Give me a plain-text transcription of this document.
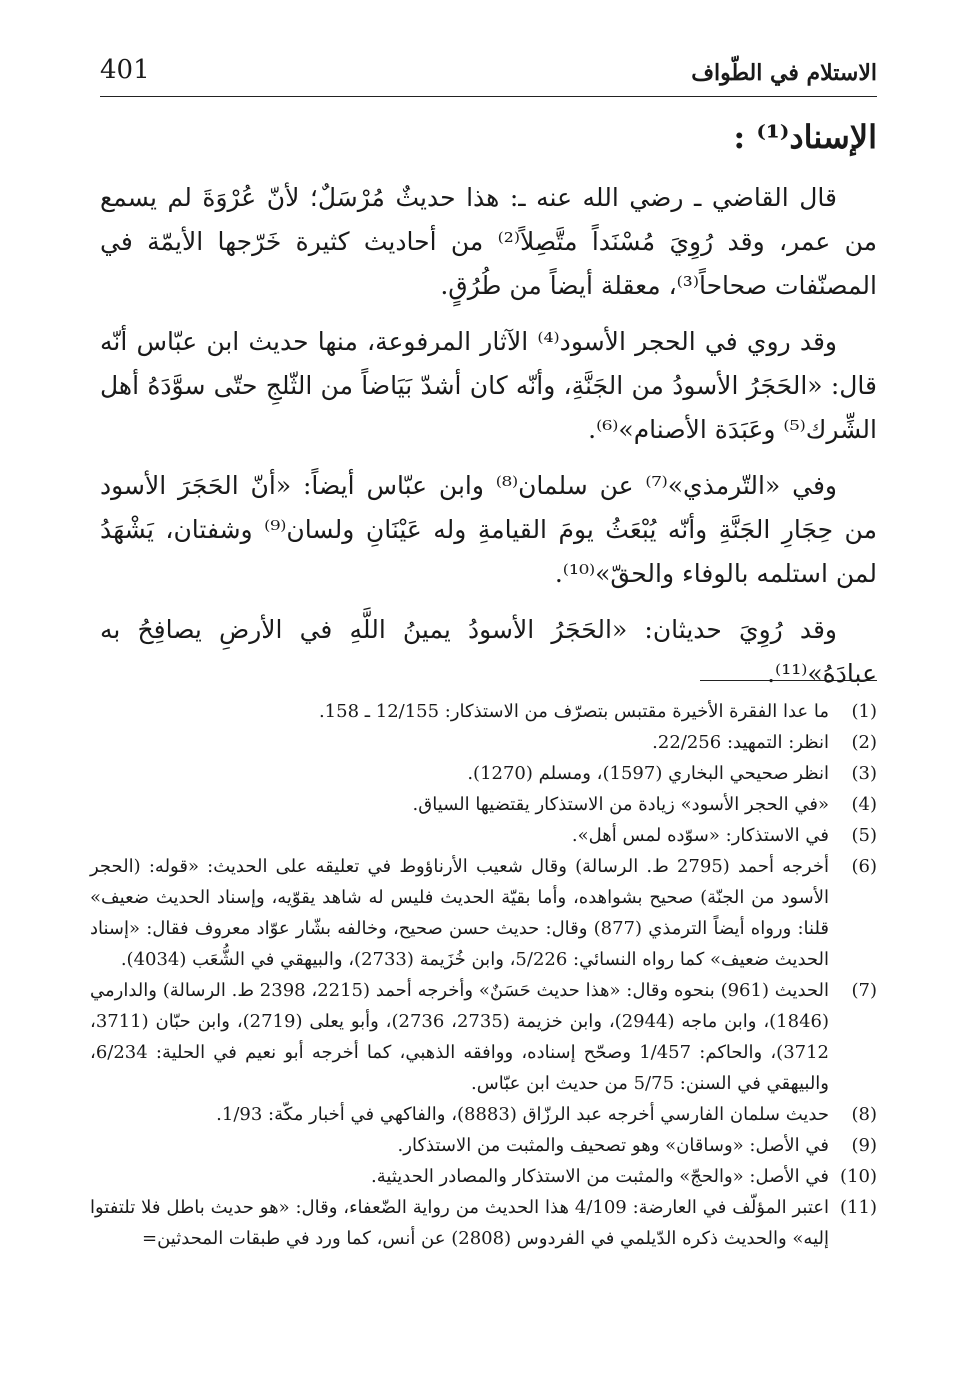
401	الاستلام في الطّواف
الإسناد⁽¹⁾ :

قال القاضي ـ رضي الله عنه ـ: هذا حديثٌ مُرْسَلٌ؛ لأنّ عُرْوَةَ لم يسمع من عمر، وقد رُوِيَ مُسْنَداً متَّصِلاً⁽²⁾ من أحاديث كثيرة خَرّجها الأيمّة في المصنّفات صحاحاً⁽³⁾، معقلة أيضاً من طُرُقٍ.

وقد روي في الحجر الأسود⁽⁴⁾ الآثار المرفوعة، منها حديث ابن عبّاس أنّه قال: «الحَجَرُ الأسودُ من الجَنَّةِ، وأنّه كان أشدّ بَيَاضاً من الثّلجِ حتّى سوَّدَهُ أهل الشِّرك⁽⁵⁾ وعَبَدَة الأصنام»⁽⁶⁾.

وفي «التّرمذي»⁽⁷⁾ عن سلمان⁽⁸⁾ وابن عبّاس أيضاً: «أنّ الحَجَرَ الأسود من حِجَارِ الجَنَّةِ وأنّه يُبْعَثُ يومَ القيامةِ وله عَيْنَانِ ولسان⁽⁹⁾ وشفتان، يَشْهَدُ لمن استلمه بالوفاء والحقّ»⁽¹⁰⁾.

وقد رُوِيَ حديثان: «الحَجَرُ الأسودُ يمينُ اللَّهِ في الأرضِ يصافِحُ به عبادَهُ»⁽¹¹⁾.

(1)
ما عدا الفقرة الأخيرة مقتبس بتصرّف من الاستذكار: 12/155 ـ 158.
(2)
انظر: التمهيد: 22/256.
(3)
انظر صحيحي البخاري (1597)، ومسلم (1270).
(4)
«في الحجر الأسود» زيادة من الاستذكار يقتضيها السياق.
(5)
في الاستذكار: «سوّده لمس أهل».
(6)
أخرجه أحمد (2795 ط. الرسالة) وقال شعيب الأرناؤوط في تعليقه على الحديث: «قوله: (الحجر الأسود من الجنّة) صحيح بشواهده، وأما بقيّة الحديث فليس له شاهد يقوّيه، وإسناد الحديث ضعيف» قلنا: ورواه أيضاً الترمذي (877) وقال: حديث حسن صحيح، وخالفه بشّار عوّاد معروف فقال: «إسناد الحديث ضعيف» كما رواه النسائي: 5/226، وابن خُزَيمة (2733)، والبيهقي في الشُّعَب (4034).
(7)
الحديث (961) بنحوه وقال: «هذا حديث حَسَنٌ» وأخرجه أحمد (2215، 2398 ط. الرسالة) والدارمي (1846)، وابن ماجه (2944)، وابن خزيمة (2735، 2736)، وأبو يعلى (2719)، وابن حبّان (3711، 3712)، والحاكم: 1/457 وصحّح إسناده، ووافقه الذهبي، كما أخرجه أبو نعيم في الحلية: 6/234، والبيهقي في السنن: 5/75 من حديث ابن عبّاس.
(8)
حديث سلمان الفارسي أخرجه عبد الرزّاق (8883)، والفاكهي في أخبار مكّة: 1/93.
(9)
في الأصل: «وساقان» وهو تصحيف والمثبت من الاستذكار.
(10)
في الأصل: «والحجّ» والمثبت من الاستذكار والمصادر الحديثية.
(11)
اعتبر المؤلّف في العارضة: 4/109 هذا الحديث من رواية الضّعفاء، وقال: «هو حديث باطل فلا تلتفتوا إليه» والحديث ذكره الدّيلمي في الفردوس (2808) عن أنس، كما ورد في طبقات المحدثين=
